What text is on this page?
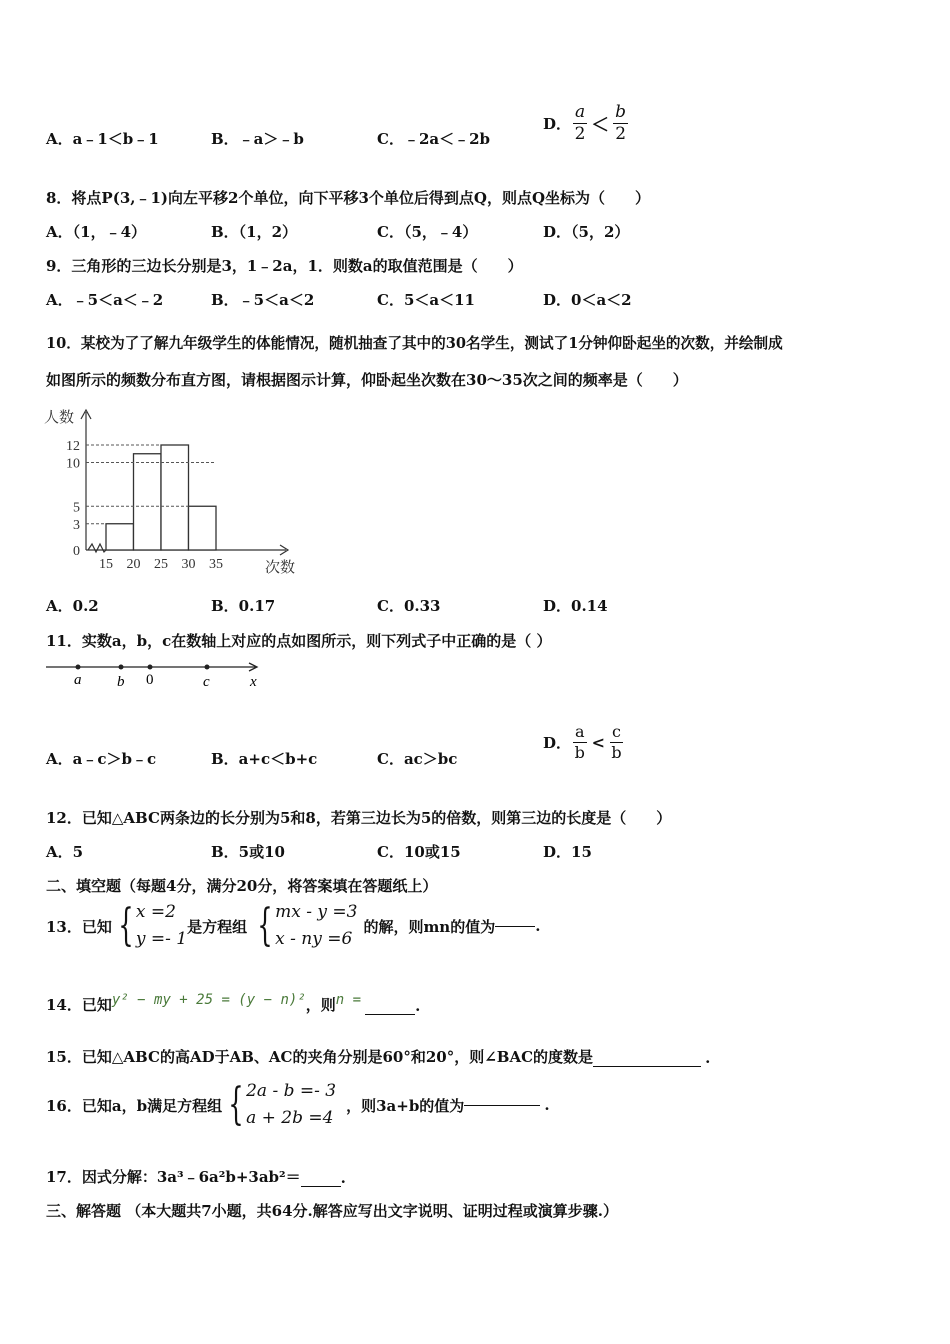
A．a﹣1＜b﹣1	B．﹣a＞﹣b	C．﹣2a＜﹣2b
D． $\frac{a}{2} < \frac{b}{2}$
8．将点P(3,﹣1)向左平移2个单位，向下平移3个单位后得到点Q，则点Q坐标为（　　）
A．（1，﹣4）	B．（1，2）	C．（5，﹣4）	D．（5，2）
9．三角形的三边长分别是3，1﹣2a，1．则数a的取值范围是（　　）
A．﹣5＜a＜﹣2	B．﹣5＜a＜2	C．5＜a＜11	D．0＜a＜2
10．某校为了了解九年级学生的体能情况，随机抽查了其中的30名学生，测试了1分钟仰卧起坐的次数，并绘制成
如图所示的频数分布直方图，请根据图示计算，仰卧起坐次数在30～35次之间的频率是（　　）
0
3
5
10
12
15 20 25 30 35
人数
次数
A．0.2	B．0.17	C．0.33	D．0.14
11．实数a，b，c在数轴上对应的点如图所示，则下列式子中正确的是（ ）
a b 0	c	x
A．a﹣c＞b﹣c	B．a+c＜b+c	C．ac＞bc
D． $\frac{a}{b} < \frac{c}{b}$
12．已知△ABC两条边的长分别为5和8，若第三边长为5的倍数，则第三边的长度是（　　）
A．5	B．5或10	C．10或15	D．15
二、填空题（每题4分，满分20分，将答案填在答题纸上）
13．已知 { x =2
y =- 1
是方程组 { mx - y =3
x - ny =6
的解，则mn的值为	.
14．已知 y² − my + 25 = (y − n)² ，则 n =	.
15．已知△ABC的高AD于AB、AC的夹角分别是60°和20°，则∠BAC的度数是	.
16．已知a，b满足方程组 { 2a - b =- 3
a + 2b =4
，则3a+b的值为	.
17．因式分解：3a³﹣6a²b+3ab²＝	.
三、解答题 （本大题共7小题，共64分.解答应写出文字说明、证明过程或演算步骤.）
